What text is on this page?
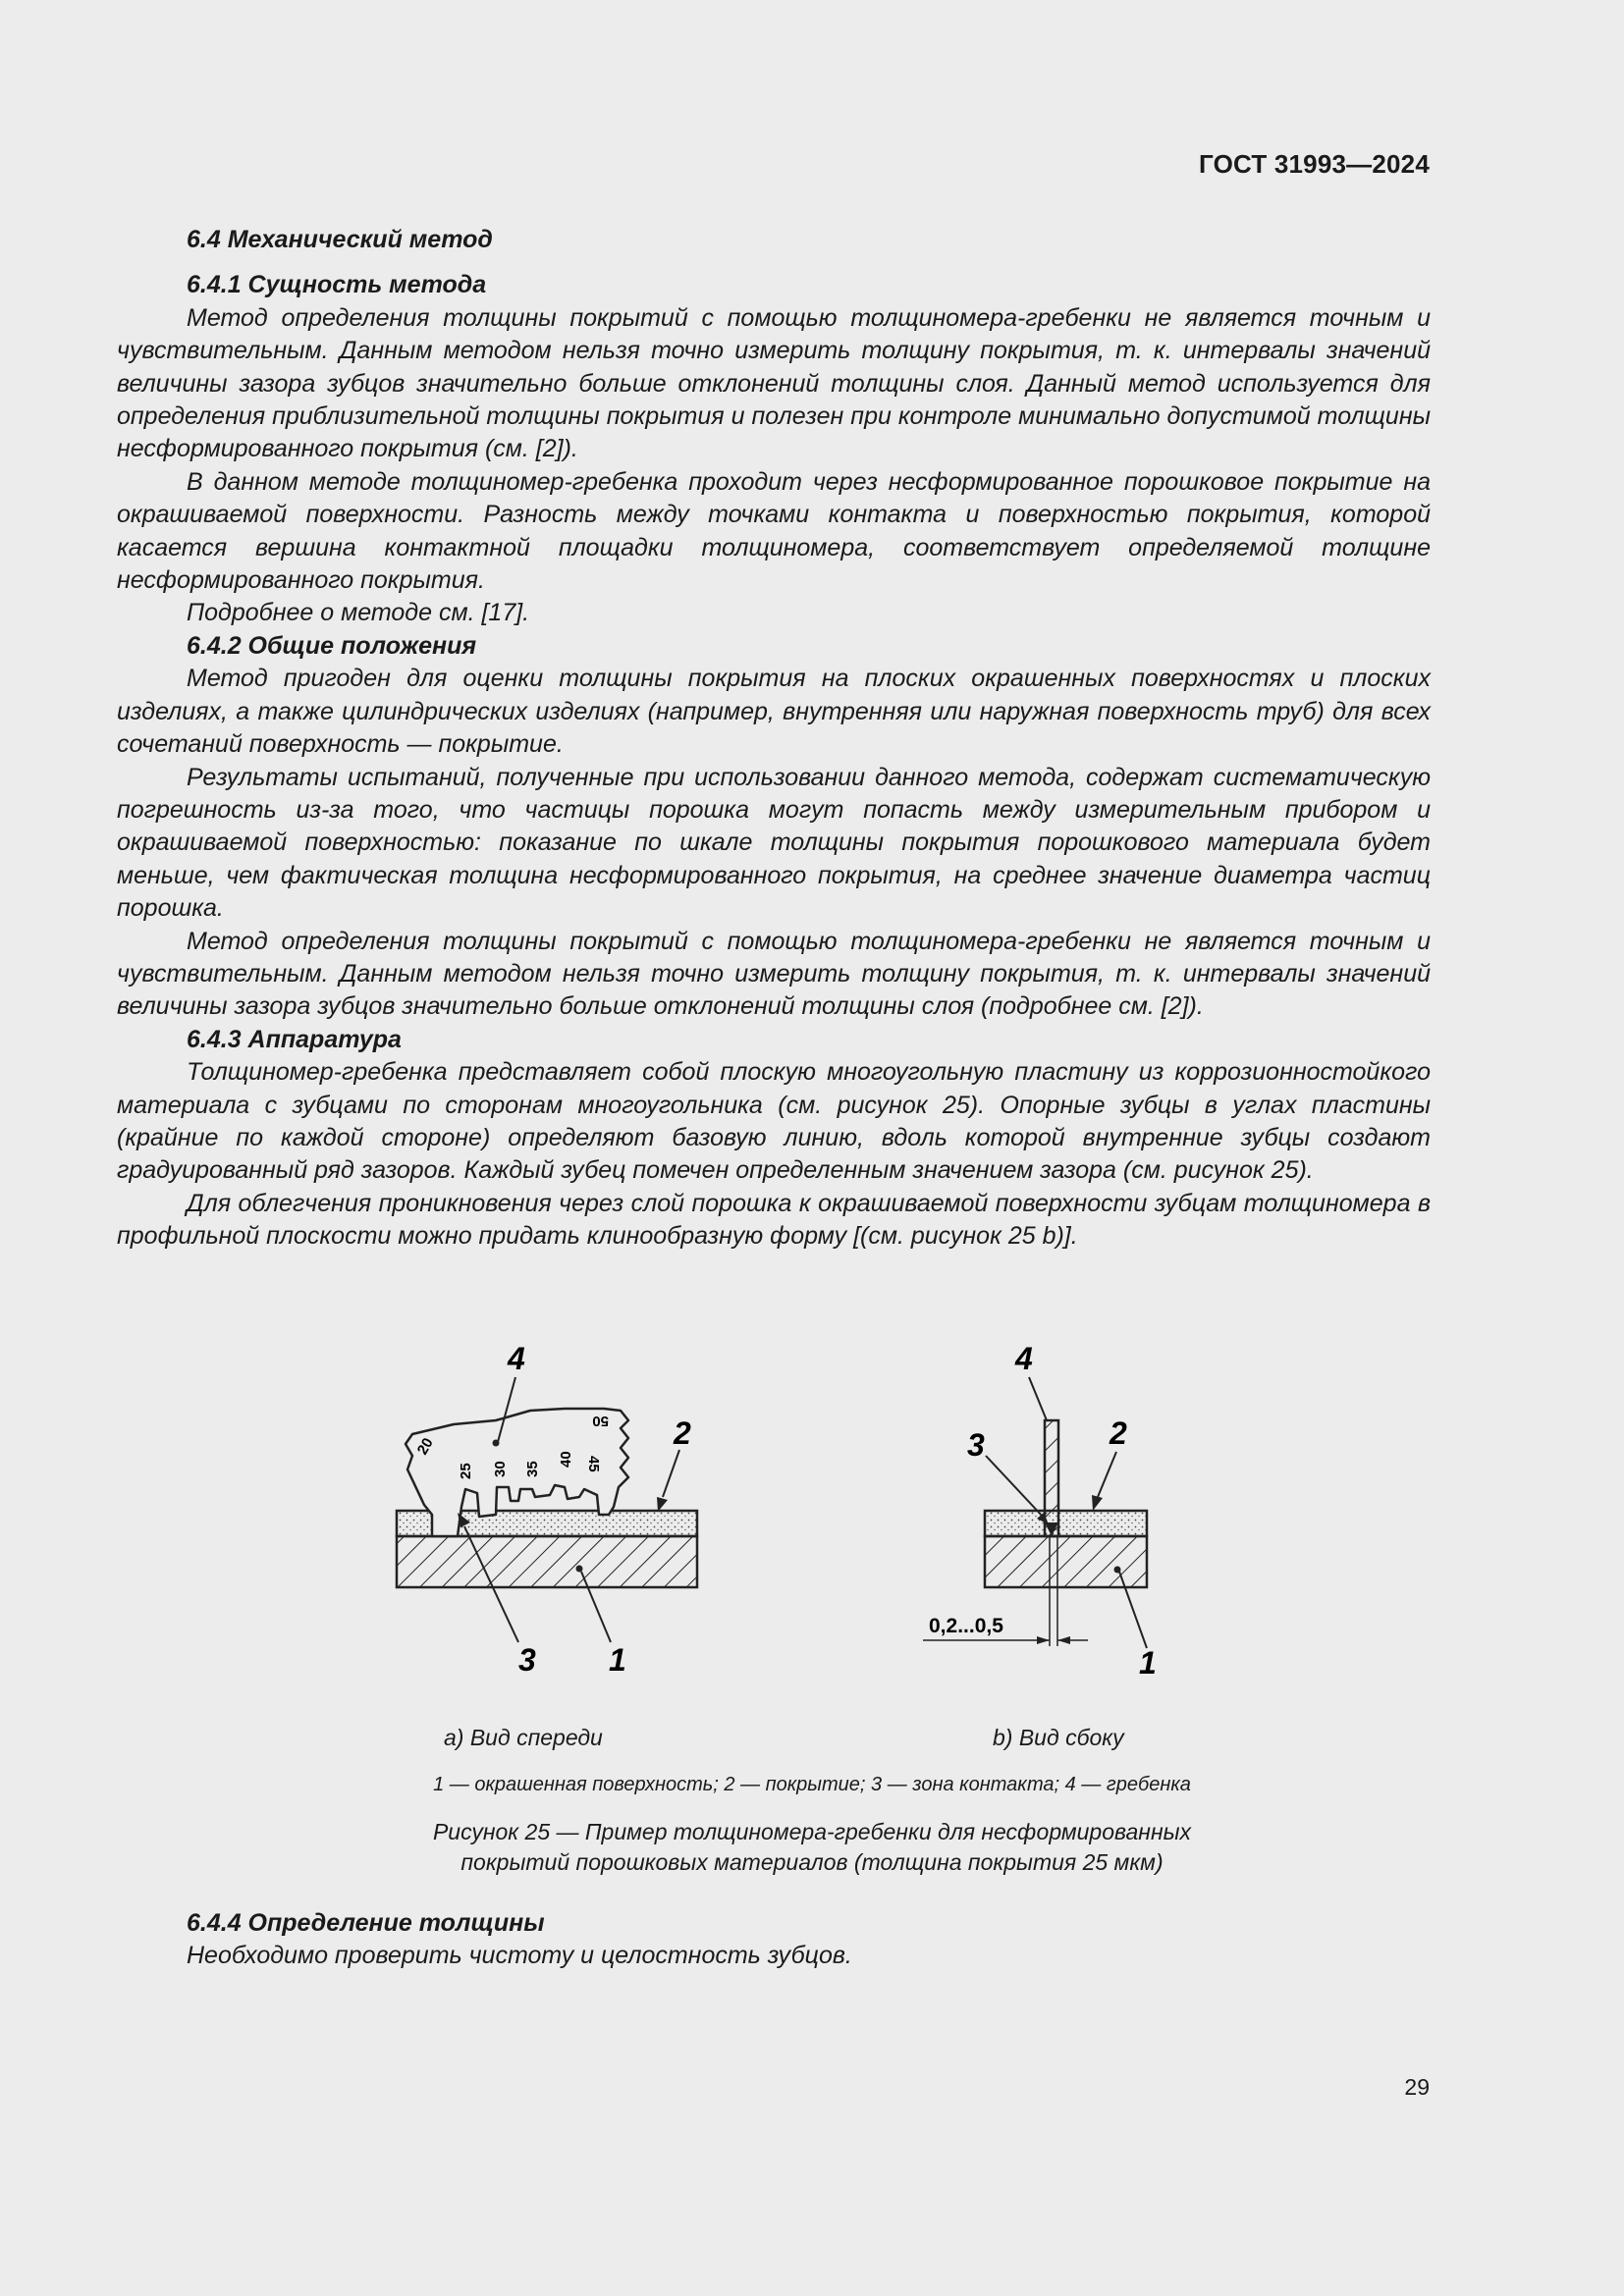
ГОСТ 31993—2024

6.4 Механический метод

6.4.1 Сущность метода

Метод определения толщины покрытий с помощью толщиномера-гребенки не является точным и чувствительным. Данным методом нельзя точно измерить толщину покрытия, т. к. интервалы значений величины зазора зубцов значительно больше отклонений толщины слоя. Данный метод используется для определения приблизительной толщины покрытия и полезен при контроле минимально допустимой толщины несформированного покрытия (см. [2]).

В данном методе толщиномер-гребенка проходит через несформированное порошковое покрытие на окрашиваемой поверхности. Разность между точками контакта и поверхностью покрытия, которой касается вершина контактной площадки толщиномера, соответствует определяемой толщине несформированного покрытия.

Подробнее о методе см. [17].

6.4.2 Общие положения

Метод пригоден для оценки толщины покрытия на плоских окрашенных поверхностях и плоских изделиях, а также цилиндрических изделиях (например, внутренняя или наружная поверхность труб) для всех сочетаний поверхность — покрытие.

Результаты испытаний, полученные при использовании данного метода, содержат систематическую погрешность из-за того, что частицы порошка могут попасть между измерительным прибором и окрашиваемой поверхностью: показание по шкале толщины покрытия порошкового материала будет меньше, чем фактическая толщина несформированного покрытия, на среднее значение диаметра частиц порошка.

Метод определения толщины покрытий с помощью толщиномера-гребенки не является точным и чувствительным. Данным методом нельзя точно измерить толщину покрытия, т. к. интервалы значений величины зазора зубцов значительно больше отклонений толщины слоя (подробнее см. [2]).

6.4.3 Аппаратура

Толщиномер-гребенка представляет собой плоскую многоугольную пластину из коррозионностойкого материала с зубцами по сторонам многоугольника (см. рисунок 25). Опорные зубцы в углах пластины (крайние по каждой стороне) определяют базовую линию, вдоль которой внутренние зубцы создают градуированный ряд зазоров. Каждый зубец помечен определенным значением зазора (см. рисунок 25).

Для облегчения проникновения через слой порошка к окрашиваемой поверхности зубцам толщиномера в профильной плоскости можно придать клинообразную форму [(см. рисунок 25 b)].

20
25 30 35
40 45
50
4
2
3 1
0,2...0,5
4
3	2
1
a) Вид спереди	b) Вид сбоку
1 — окрашенная поверхность; 2 — покрытие; 3 — зона контакта; 4 — гребенка
Рисунок 25 — Пример толщиномера-гребенки для несформированных
покрытий порошковых материалов (толщина покрытия 25 мкм)

6.4.4 Определение толщины

Необходимо проверить чистоту и целостность зубцов.

29
